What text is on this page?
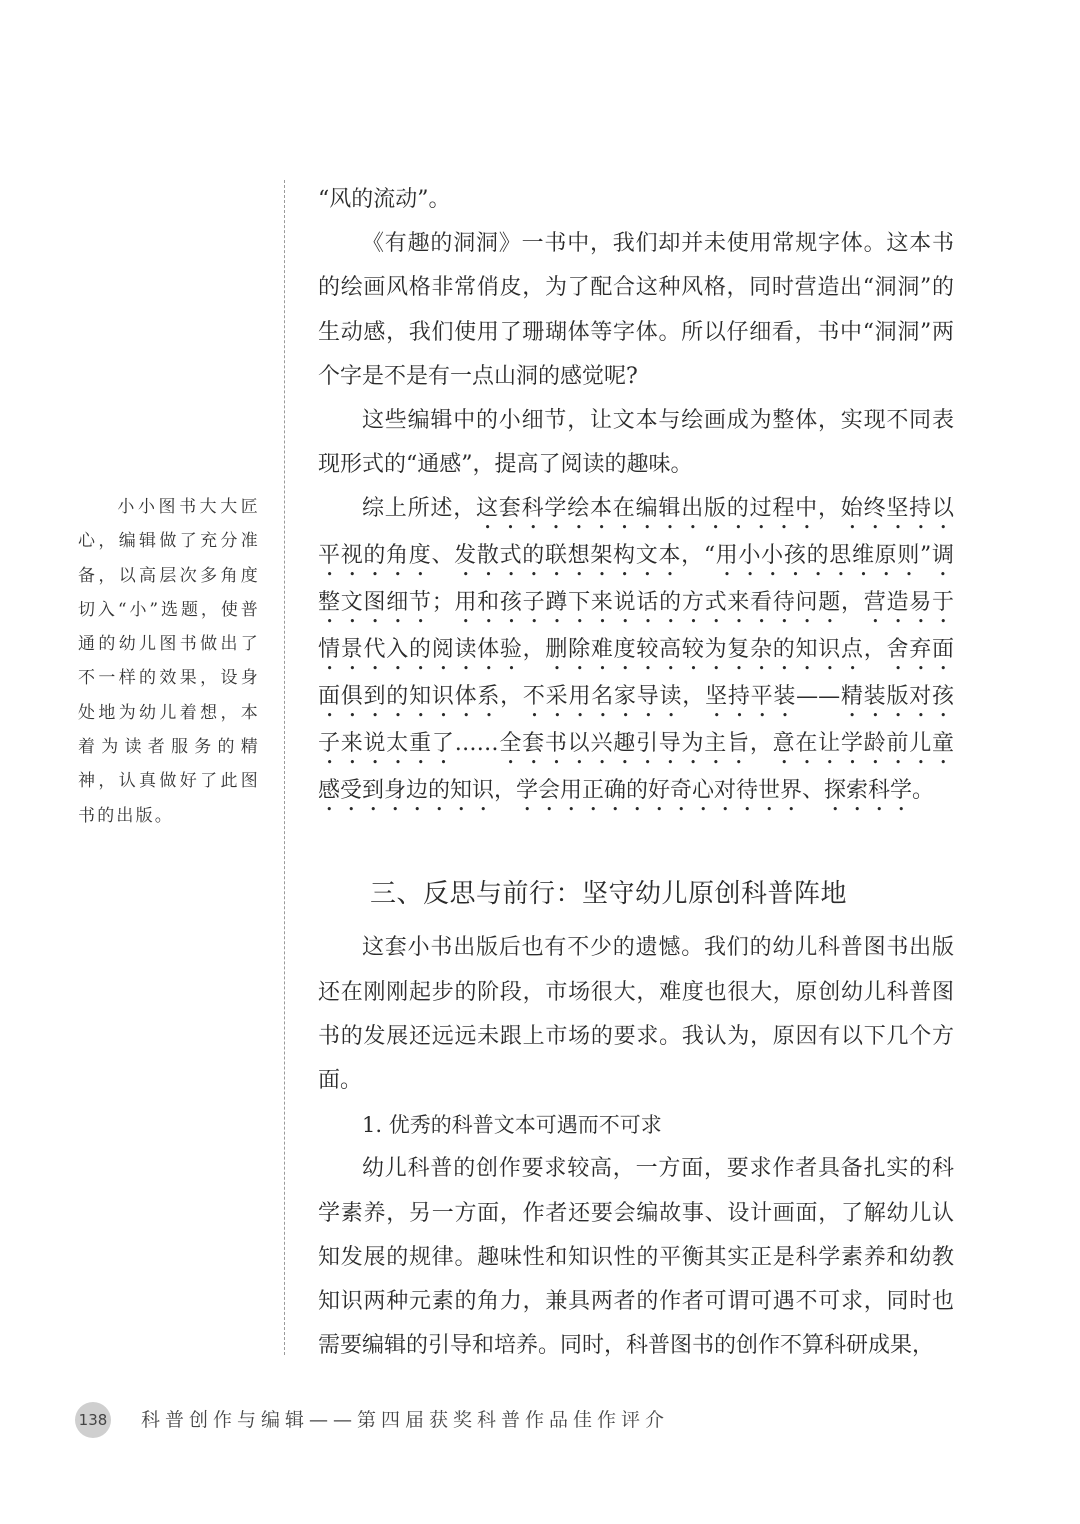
小小图书大大匠心，编辑做了充分准备，以高层次多角度切入“小”选题，使普通的幼儿图书做出了不一样的效果，设身处地为幼儿着想，本着为读者服务的精神，认真做好了此图书的出版。

“风的流动”。

《有趣的洞洞》一书中，我们却并未使用常规字体。这本书的绘画风格非常俏皮，为了配合这种风格，同时营造出“洞洞”的生动感，我们使用了珊瑚体等字体。所以仔细看，书中“洞洞”两个字是不是有一点山洞的感觉呢?

这些编辑中的小细节，让文本与绘画成为整体，实现不同表现形式的“通感”，提高了阅读的趣味。

综上所述，这套科学绘本在编辑出版的过程中，始终坚持以平视的角度、发散式的联想架构文本，“用小小孩的思维原则”调整文图细节；用和孩子蹲下来说话的方式来看待问题，营造易于情景代入的阅读体验，删除难度较高较为复杂的知识点，舍弃面面俱到的知识体系，不采用名家导读，坚持平装——精装版对孩子来说太重了……全套书以兴趣引导为主旨，意在让学龄前儿童感受到身边的知识，学会用正确的好奇心对待世界、探索科学。

三、反思与前行：坚守幼儿原创科普阵地

这套小书出版后也有不少的遗憾。我们的幼儿科普图书出版还在刚刚起步的阶段，市场很大，难度也很大，原创幼儿科普图书的发展还远远未跟上市场的要求。我认为，原因有以下几个方面。

1. 优秀的科普文本可遇而不可求

幼儿科普的创作要求较高，一方面，要求作者具备扎实的科学素养，另一方面，作者还要会编故事、设计画面，了解幼儿认知发展的规律。趣味性和知识性的平衡其实正是科学素养和幼教知识两种元素的角力，兼具两者的作者可谓可遇不可求，同时也需要编辑的引导和培养。同时，科普图书的创作不算科研成果，

138 科普创作与编辑——第四届获奖科普作品佳作评介
